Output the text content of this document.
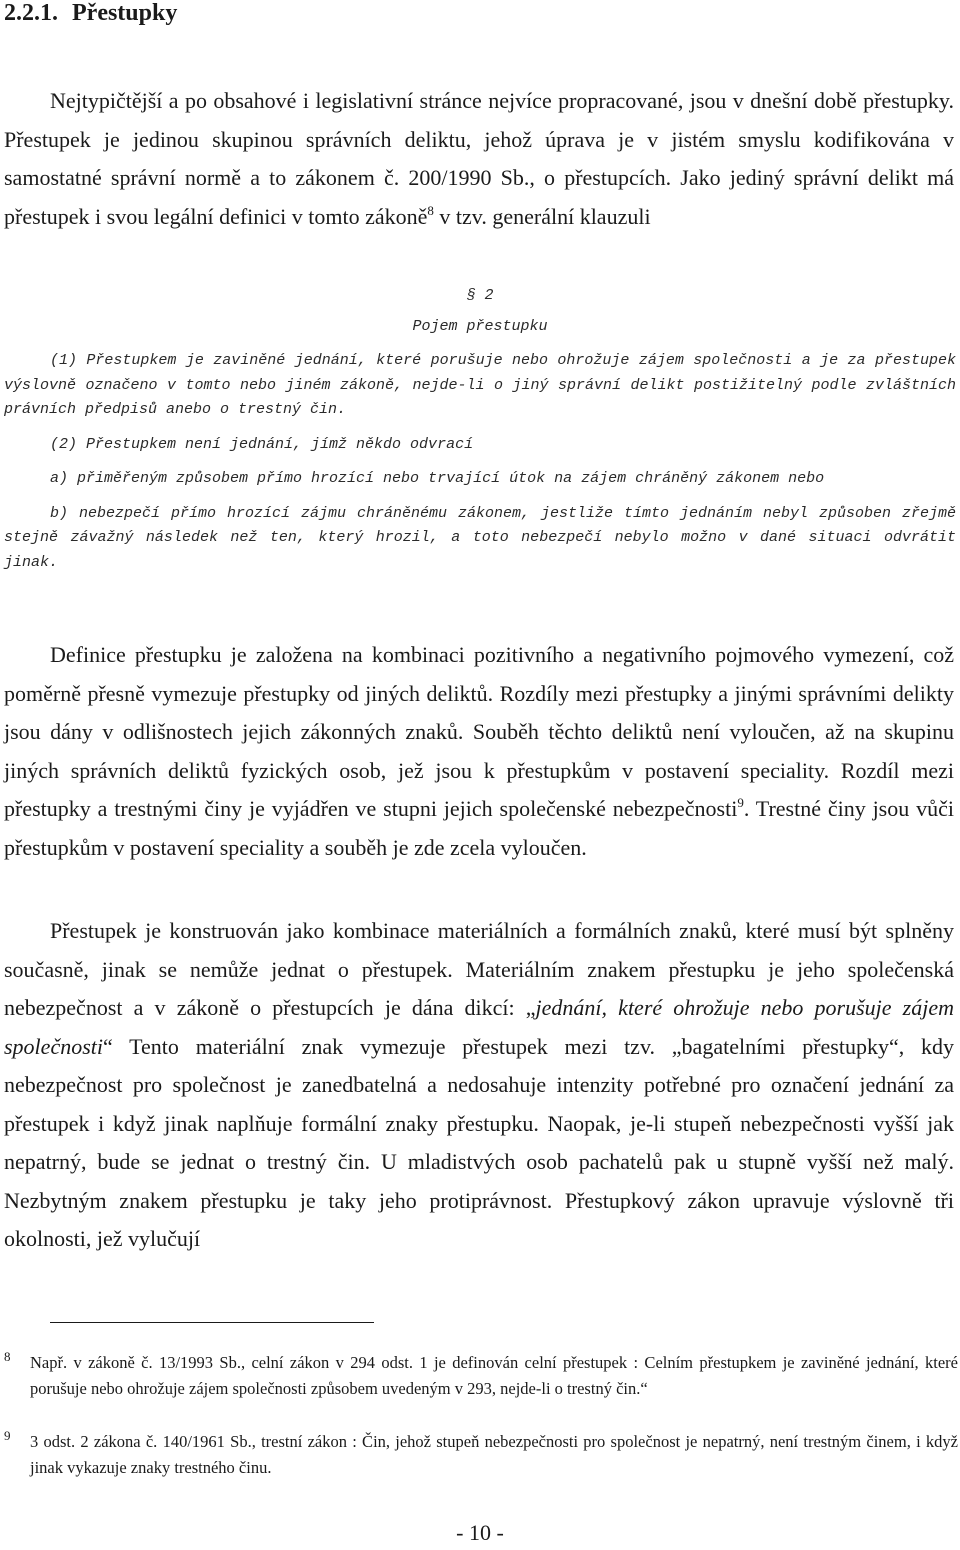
2.2.1. Přestupky
Nejtypičtější a po obsahové i legislativní stránce nejvíce propracované, jsou v dnešní době přestupky. Přestupek je jedinou skupinou správních deliktu, jehož úprava je v jistém smyslu kodifikována v samostatné správní normě a to zákonem č. 200/1990 Sb., o přestupcích. Jako jediný správní delikt má přestupek i svou legální definici v tomto zákoně$^8$ v tzv. generální klauzuli
§ 2
Pojem přestupku
(1) Přestupkem je zaviněné jednání, které porušuje nebo ohrožuje zájem společnosti a je za přestupek výslovně označeno v tomto nebo jiném zákoně, nejde-li o jiný správní delikt postižitelný podle zvláštních právních předpisů anebo o trestný čin.
(2) Přestupkem není jednání, jímž někdo odvrací
a) přiměřeným způsobem přímo hrozící nebo trvající útok na zájem chráněný zákonem nebo
b) nebezpečí přímo hrozící zájmu chráněnému zákonem, jestliže tímto jednáním nebyl způsoben zřejmě stejně závažný následek než ten, který hrozil, a toto nebezpečí nebylo možno v dané situaci odvrátit jinak.
Definice přestupku je založena na kombinaci pozitivního a negativního pojmového vymezení, což poměrně přesně vymezuje přestupky od jiných deliktů. Rozdíly mezi přestupky a jinými správními delikty jsou dány v odlišnostech jejich zákonných znaků. Souběh těchto deliktů není vyloučen, až na skupinu jiných správních deliktů fyzických osob, jež jsou k přestupkům v postavení speciality. Rozdíl mezi přestupky a trestnými činy je vyjádřen ve stupni jejich společenské nebezpečnosti$^9$. Trestné činy jsou vůči přestupkům v postavení speciality a souběh je zde zcela vyloučen.
Přestupek je konstruován jako kombinace materiálních a formálních znaků, které musí být splněny současně, jinak se nemůže jednat o přestupek. Materiálním znakem přestupku je jeho společenská nebezpečnost a v zákoně o přestupcích je dána dikcí: „jednání, které ohrožuje nebo porušuje zájem společnosti“ Tento materiální znak vymezuje přestupek mezi tzv. „bagatelními přestupky“, kdy nebezpečnost pro společnost je zanedbatelná a nedosahuje intenzity potřebné pro označení jednání za přestupek i když jinak naplňuje formální znaky přestupku. Naopak, je-li stupeň nebezpečnosti vyšší jak nepatrný, bude se jednat o trestný čin. U mladistvých osob pachatelů pak u stupně vyšší než malý. Nezbytným znakem přestupku je taky jeho protiprávnost. Přestupkový zákon upravuje výslovně tři okolnosti, jež vylučují
8 Např. v zákoně č. 13/1993 Sb., celní zákon v 294 odst. 1 je definován celní přestupek : Celním přestupkem je zaviněné jednání, které porušuje nebo ohrožuje zájem společnosti způsobem uvedeným v 293, nejde-li o trestný čin.“
9 3 odst. 2 zákona č. 140/1961 Sb., trestní zákon : Čin, jehož stupeň nebezpečnosti pro společnost je nepatrný, není trestným činem, i když jinak vykazuje znaky trestného činu.
- 10 -
